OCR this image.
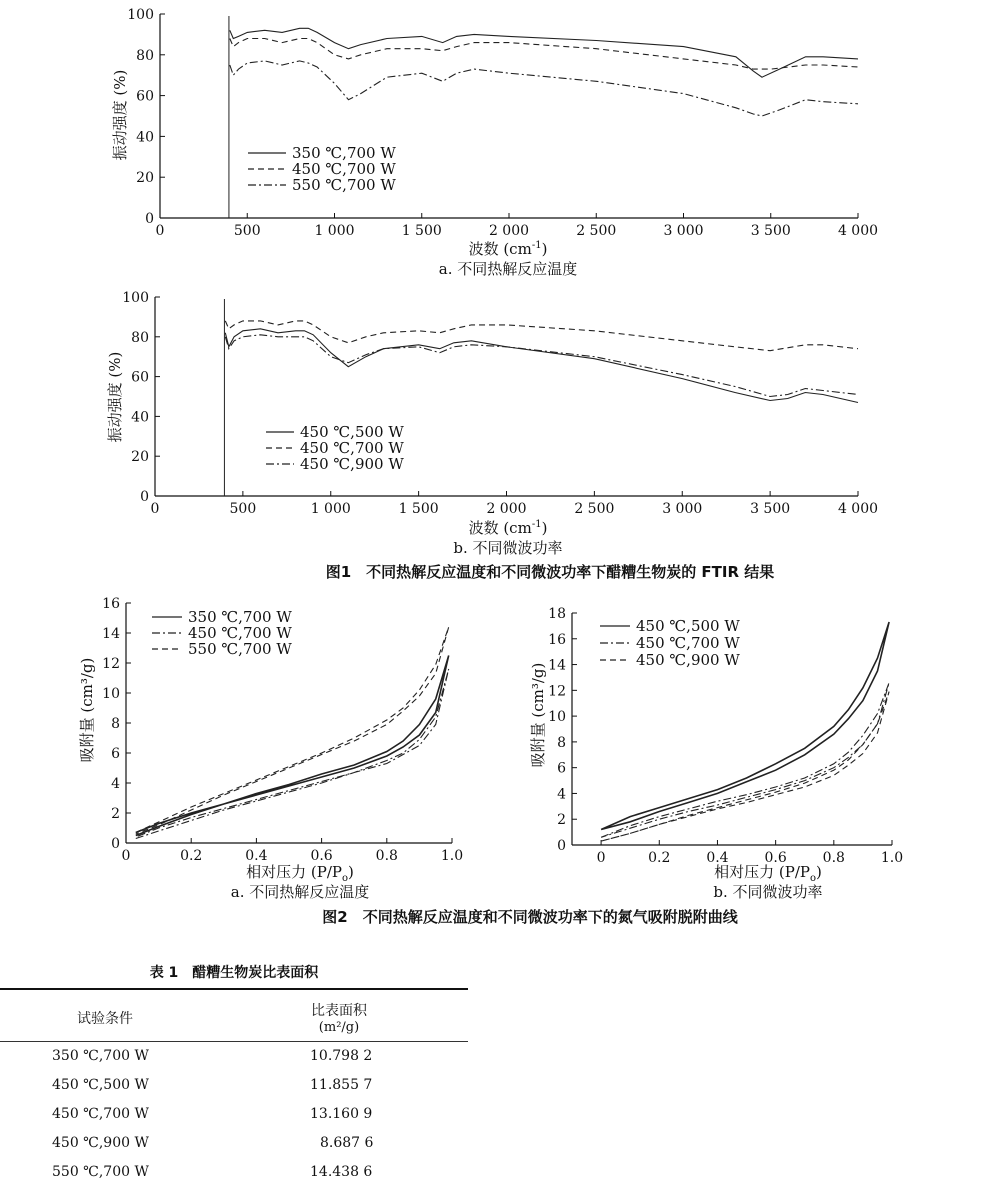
振动强度 (%)
波数 $(cm^{-1})$
a. 不同热解反应温度
0
20
40
60
80
100
0	500	1 000	1 500	2 000	2 500	3 000	3 500	4 000
350 ℃,700 W
450 ℃,700 W
550 ℃,700 W
振动强度 (%)
波数 $(cm^{-1})$
b. 不同微波功率
图1　不同热解反应温度和不同微波功率下醋糟生物炭的 FTIR 结果
0
20
40
60
80
100
0	500	1 000	1 500	2 000	2 500	3 000	3 500	4 000
450 ℃,500 W
450 ℃,700 W
450 ℃,900 W
吸附量 (cm³/g)
相对压力 $(P/P_o)$
a. 不同热解反应温度
0
2
4
6
8
10
12
14
16
0	0.2	0.4	0.6	0.8	1.0
350 ℃,700 W
450 ℃,700 W
550 ℃,700 W
吸附量 (cm³/g)
相对压力 $(P/P_o)$
b. 不同微波功率
0
2
4
6
8
10
12
14
16
18
0	0.2	0.4	0.6	0.8	1.0
450 ℃,500 W
450 ℃,700 W
450 ℃,900 W
图2　不同热解反应温度和不同微波功率下的氮气吸附脱附曲线
表 1　醋糟生物炭比表面积
试验条件	比表面积
(m²/g)

350 ℃,700 W	10.798 2
450 ℃,500 W	11.855 7
450 ℃,700 W	13.160 9
450 ℃,900 W	8.687 6
550 ℃,700 W	14.438 6
